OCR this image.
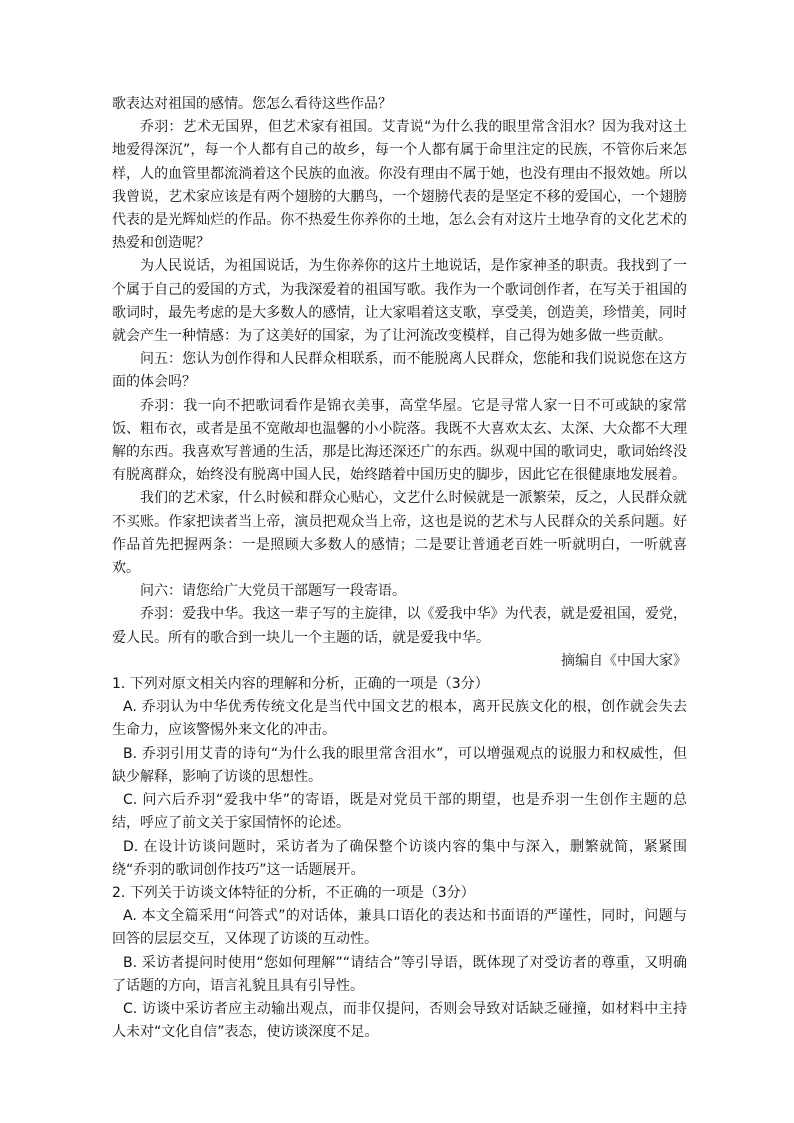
歌表达对祖国的感情。您怎么看待这些作品？

乔羽：艺术无国界，但艺术家有祖国。艾青说“为什么我的眼里常含泪水？因为我对这土地爱得深沉”，每一个人都有自己的故乡，每一个人都有属于命里注定的民族，不管你后来怎样，人的血管里都流淌着这个民族的血液。你没有理由不属于她，也没有理由不报效她。所以我曾说，艺术家应该是有两个翅膀的大鹏鸟，一个翅膀代表的是坚定不移的爱国心，一个翅膀代表的是光辉灿烂的作品。你不热爱生你养你的土地，怎么会有对这片土地孕育的文化艺术的热爱和创造呢？

为人民说话，为祖国说话，为生你养你的这片土地说话，是作家神圣的职责。我找到了一个属于自己的爱国的方式，为我深爱着的祖国写歌。我作为一个歌词创作者，在写关于祖国的歌词时，最先考虑的是大多数人的感情，让大家唱着这支歌，享受美，创造美，珍惜美，同时就会产生一种情感：为了这美好的国家，为了让河流改变模样，自己得为她多做一些贡献。

问五：您认为创作得和人民群众相联系，而不能脱离人民群众，您能和我们说说您在这方面的体会吗？

乔羽：我一向不把歌词看作是锦衣美事，高堂华屋。它是寻常人家一日不可或缺的家常饭、粗布衣，或者是虽不宽敞却也温馨的小小院落。我既不大喜欢太玄、太深、大众都不大理解的东西。我喜欢写普通的生活，那是比海还深还广的东西。纵观中国的歌词史，歌词始终没有脱离群众，始终没有脱离中国人民，始终踏着中国历史的脚步，因此它在很健康地发展着。

我们的艺术家，什么时候和群众心贴心，文艺什么时候就是一派繁荣，反之，人民群众就不买账。作家把读者当上帝，演员把观众当上帝，这也是说的艺术与人民群众的关系问题。好作品首先把握两条：一是照顾大多数人的感情；二是要让普通老百姓一听就明白，一听就喜欢。

问六：请您给广大党员干部题写一段寄语。

乔羽：爱我中华。我这一辈子写的主旋律，以《爱我中华》为代表，就是爱祖国，爱党，爱人民。所有的歌合到一块儿一个主题的话，就是爱我中华。

摘编自《中国大家》

1. 下列对原文相关内容的理解和分析，正确的一项是（3分）

A. 乔羽认为中华优秀传统文化是当代中国文艺的根本，离开民族文化的根，创作就会失去生命力，应该警惕外来文化的冲击。

B. 乔羽引用艾青的诗句“为什么我的眼里常含泪水”，可以增强观点的说服力和权威性，但缺少解释，影响了访谈的思想性。

C. 问六后乔羽“爱我中华”的寄语，既是对党员干部的期望，也是乔羽一生创作主题的总结，呼应了前文关于家国情怀的论述。

D. 在设计访谈问题时，采访者为了确保整个访谈内容的集中与深入，删繁就简，紧紧围绕“乔羽的歌词创作技巧”这一话题展开。

2. 下列关于访谈文体特征的分析，不正确的一项是（3分）

A. 本文全篇采用“问答式”的对话体，兼具口语化的表达和书面语的严谨性，同时，问题与回答的层层交互，又体现了访谈的互动性。

B. 采访者提问时使用“您如何理解”“请结合”等引导语，既体现了对受访者的尊重，又明确了话题的方向，语言礼貌且具有引导性。

C. 访谈中采访者应主动输出观点，而非仅提问，否则会导致对话缺乏碰撞，如材料中主持人未对“文化自信”表态，使访谈深度不足。
